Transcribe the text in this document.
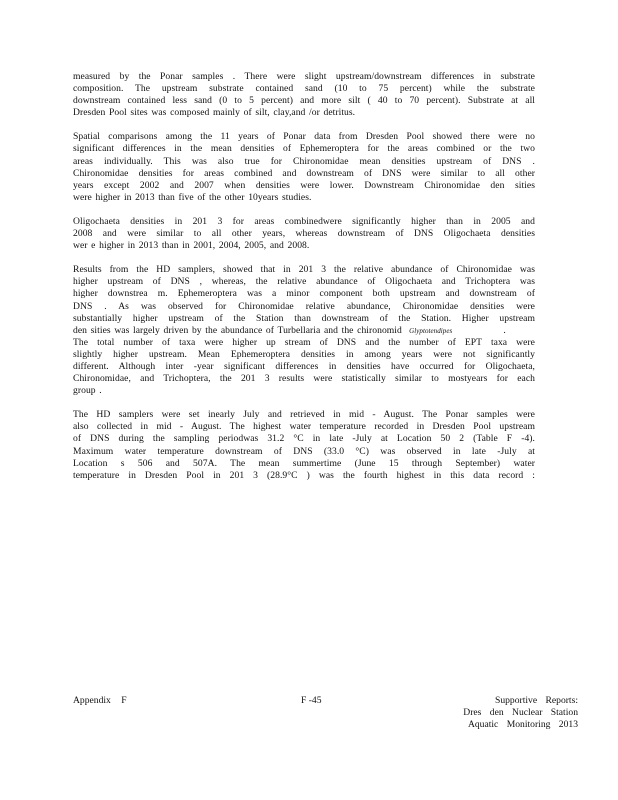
measured by the Ponar samples . There were slight upstream/downstream differences in substrate
composition. The upstream substrate contained sand (10 to 75 percent) while the substrate
downstream contained less sand (0 to 5 percent) and more silt ( 40 to 70 percent). Substrate at all
Dresden Pool sites was composed mainly of silt, clay,and /or detritus.

Spatial comparisons among the 11 years of Ponar data from Dresden Pool showed there were no
significant differences in the mean densities of Ephemeroptera for the areas combined or the two
areas individually. This was also true for Chironomidae mean densities upstream of DNS .
Chironomidae densities for areas combined and downstream of DNS were similar to all other
years except 2002 and 2007 when densities were lower. Downstream Chironomidae den sities
were higher in 2013 than five of the other 10years studies.

Oligochaeta densities in 201 3 for areas combinedwere significantly higher than in 2005 and
2008 and were similar to all other years, whereas downstream of DNS Oligochaeta densities
wer e higher in 2013 than in 2001, 2004, 2005, and 2008.

Results from the HD samplers, showed that in 201 3 the relative abundance of Chironomidae was
higher upstream of DNS , whereas, the relative abundance of Oligochaeta and Trichoptera was
higher downstrea m. Ephemeroptera was a minor component both upstream and downstream of
DNS . As was observed for Chironomidae relative abundance, Chironomidae densities were
substantially higher upstream of the Station than downstream of the Station. Higher upstream
den sities was largely driven by the abundance of Turbellaria and the chironomid Glyptotendipes	.
The total number of taxa were higher up stream of DNS and the number of EPT taxa were
slightly higher upstream. Mean Ephemeroptera densities in among years were not significantly
different. Although inter -year significant differences in densities have occurred for Oligochaeta,
Chironomidae, and Trichoptera, the 201 3 results were statistically similar to mostyears for each
group .

The HD samplers were set inearly July and retrieved in mid - August. The Ponar samples were
also collected in mid - August. The highest water temperature recorded in Dresden Pool upstream
of DNS during the sampling periodwas 31.2 °C in late -July at Location 50 2 (Table F -4).
Maximum water temperature downstream of DNS (33.0 °C) was observed in late -July at
Location s 506 and 507A. The mean summertime (June 15 through September) water
temperature in Dresden Pool in 201 3 (28.9°C ) was the fourth highest in this data record :

Appendix F	F -45	Supportive Reports:
Dres den Nuclear Station
Aquatic Monitoring 2013
